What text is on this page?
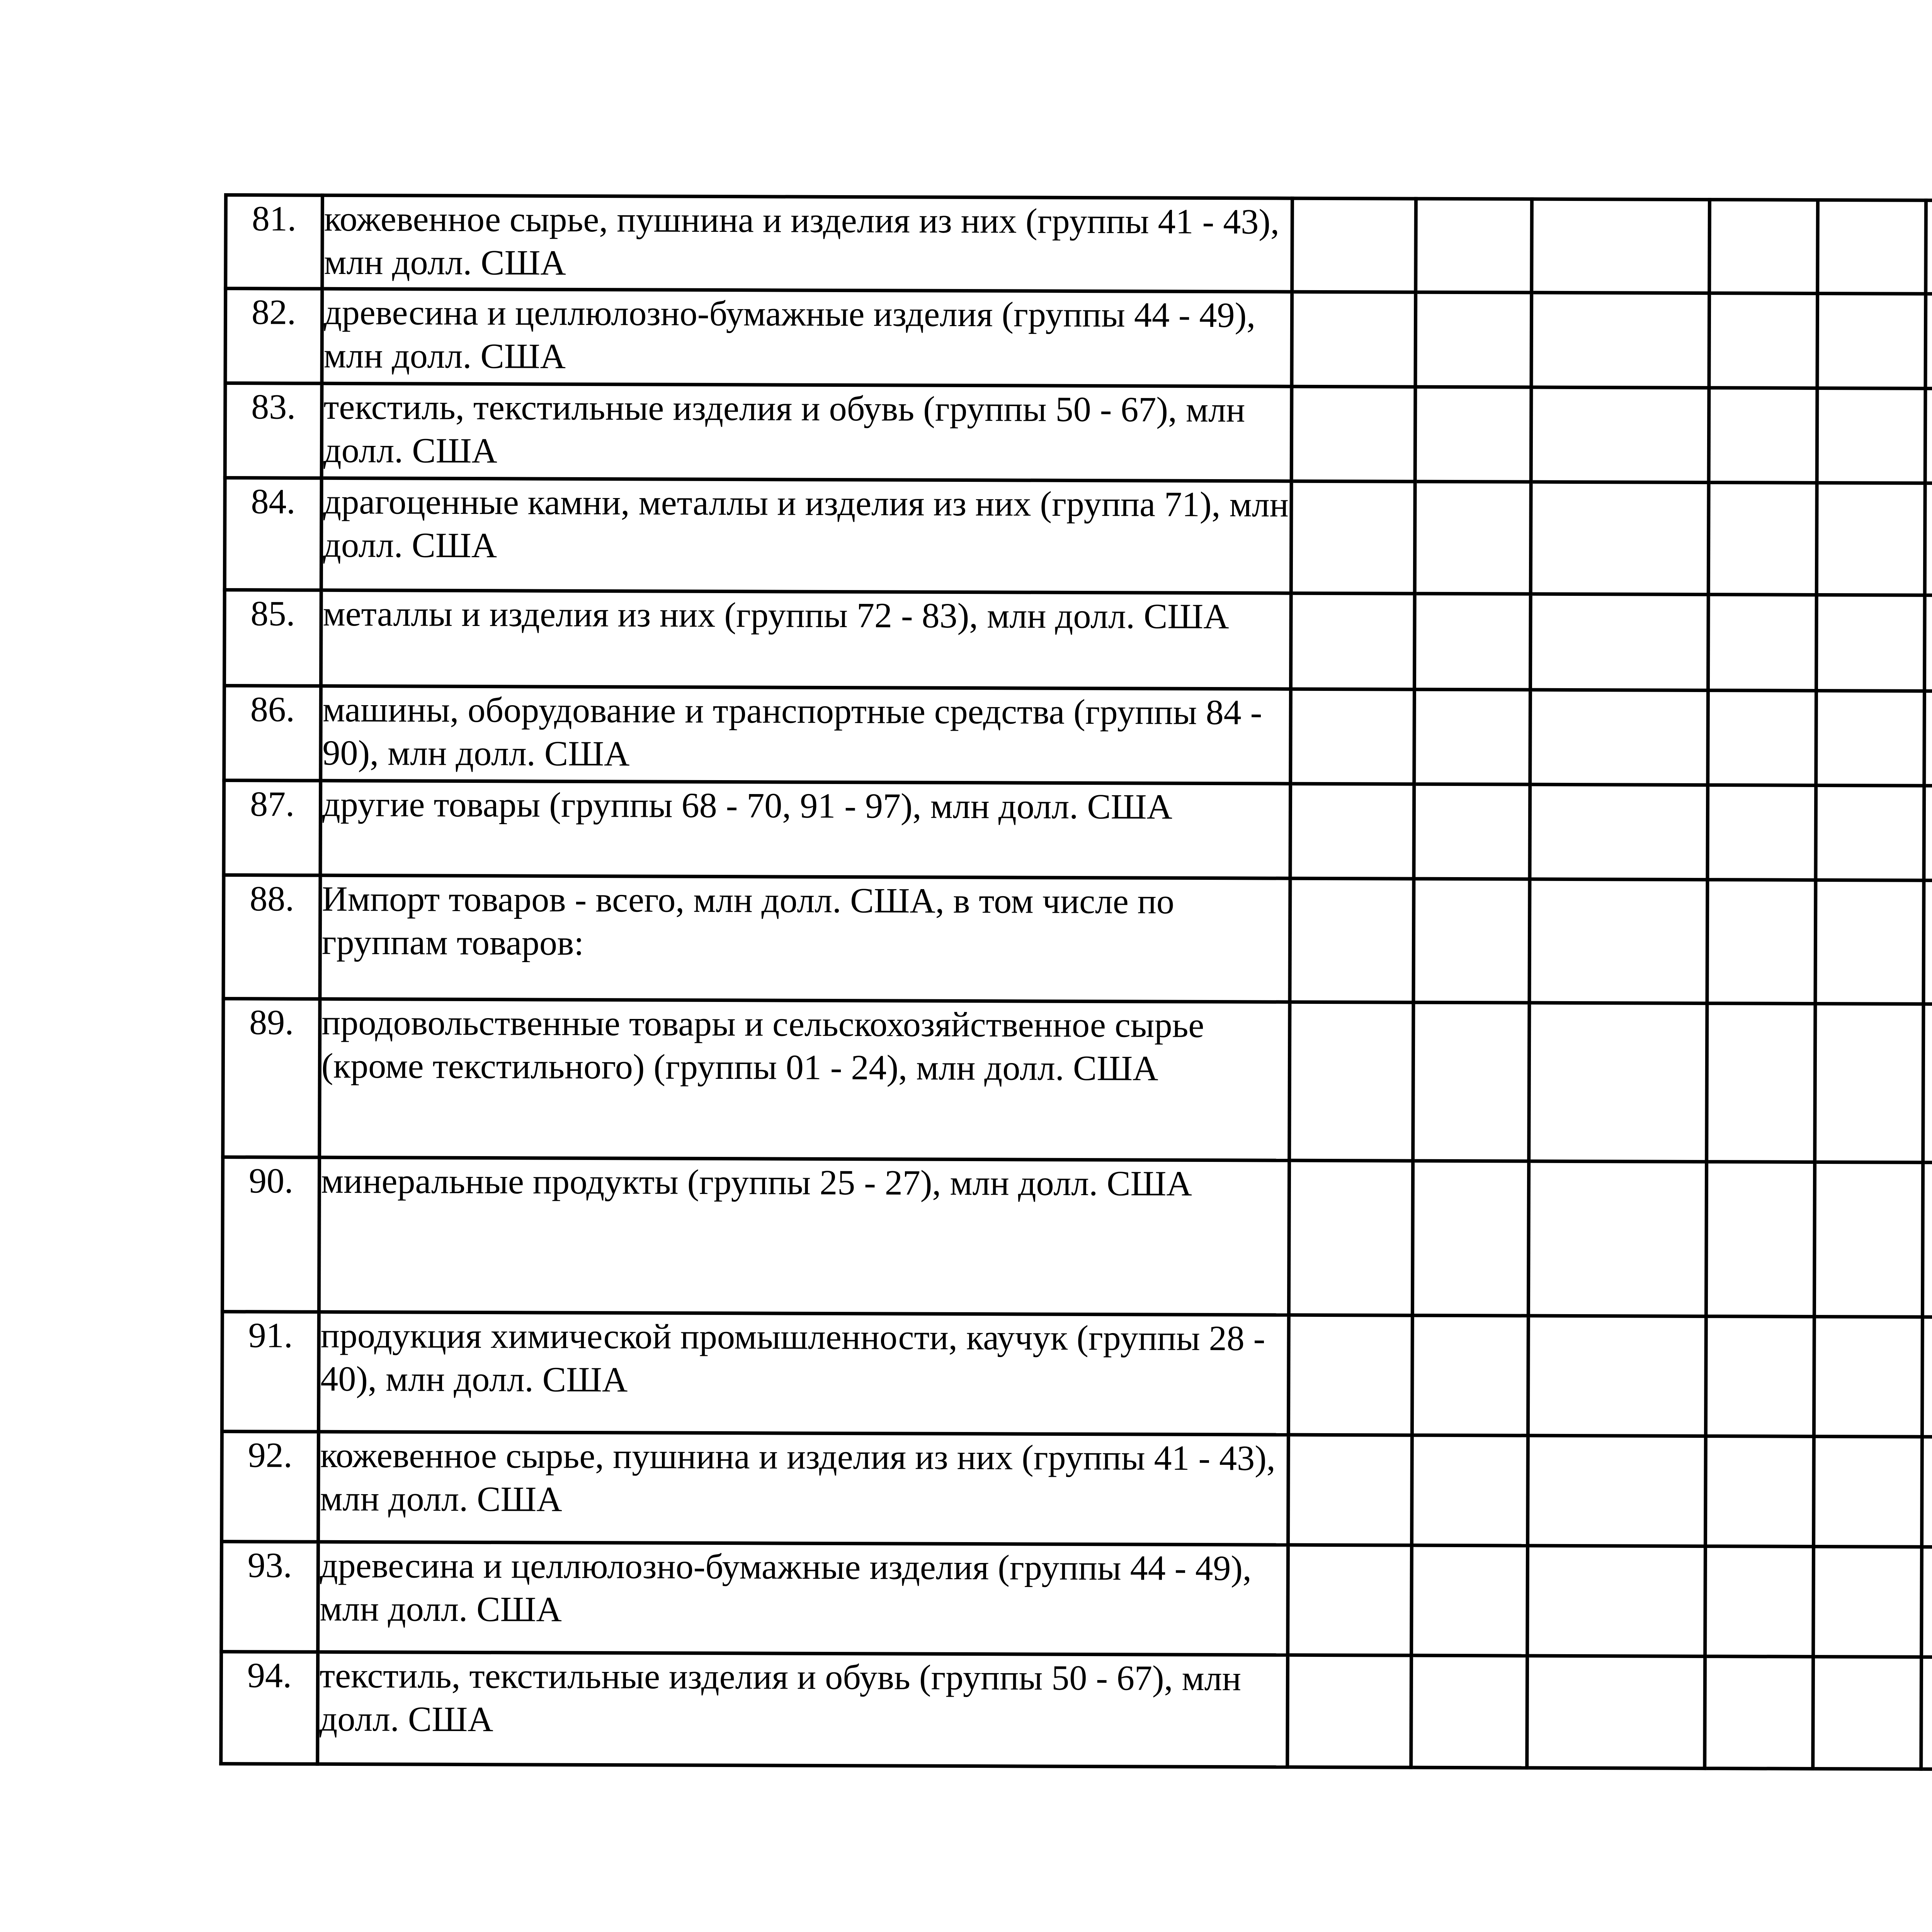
81.	кожевенное сырье, пушнина и изделия из них (группы 41 - 43), млн долл. США													
82.	древесина и целлюлозно-бумажные изделия (группы 44 - 49), млн долл. США													
83.	текстиль, текстильные изделия и обувь (группы 50 - 67), млн долл. США													
84.	драгоценные камни, металлы и изделия из них (группа 71), млн долл. США													
85.	металлы и изделия из них (группы 72 - 83), млн долл. США													
86.	машины, оборудование и транспортные средства (группы 84 - 90), млн долл. США													
87.	другие товары (группы 68 - 70, 91 - 97), млн долл. США													
88.	Импорт товаров - всего, млн долл. США, в том числе по группам товаров:													
89.	продовольственные товары и сельскохозяйственное сырье (кроме текстильного) (группы 01 - 24), млн долл. США													
90.	минеральные продукты (группы 25 - 27), млн долл. США													
91.	продукция химической промышленности, каучук (группы 28 - 40), млн долл. США													
92.	кожевенное сырье, пушнина и изделия из них (группы 41 - 43), млн долл. США													
93.	древесина и целлюлозно-бумажные изделия (группы 44 - 49), млн долл. США													
94.	текстиль, текстильные изделия и обувь (группы 50 - 67), млн долл. США													
